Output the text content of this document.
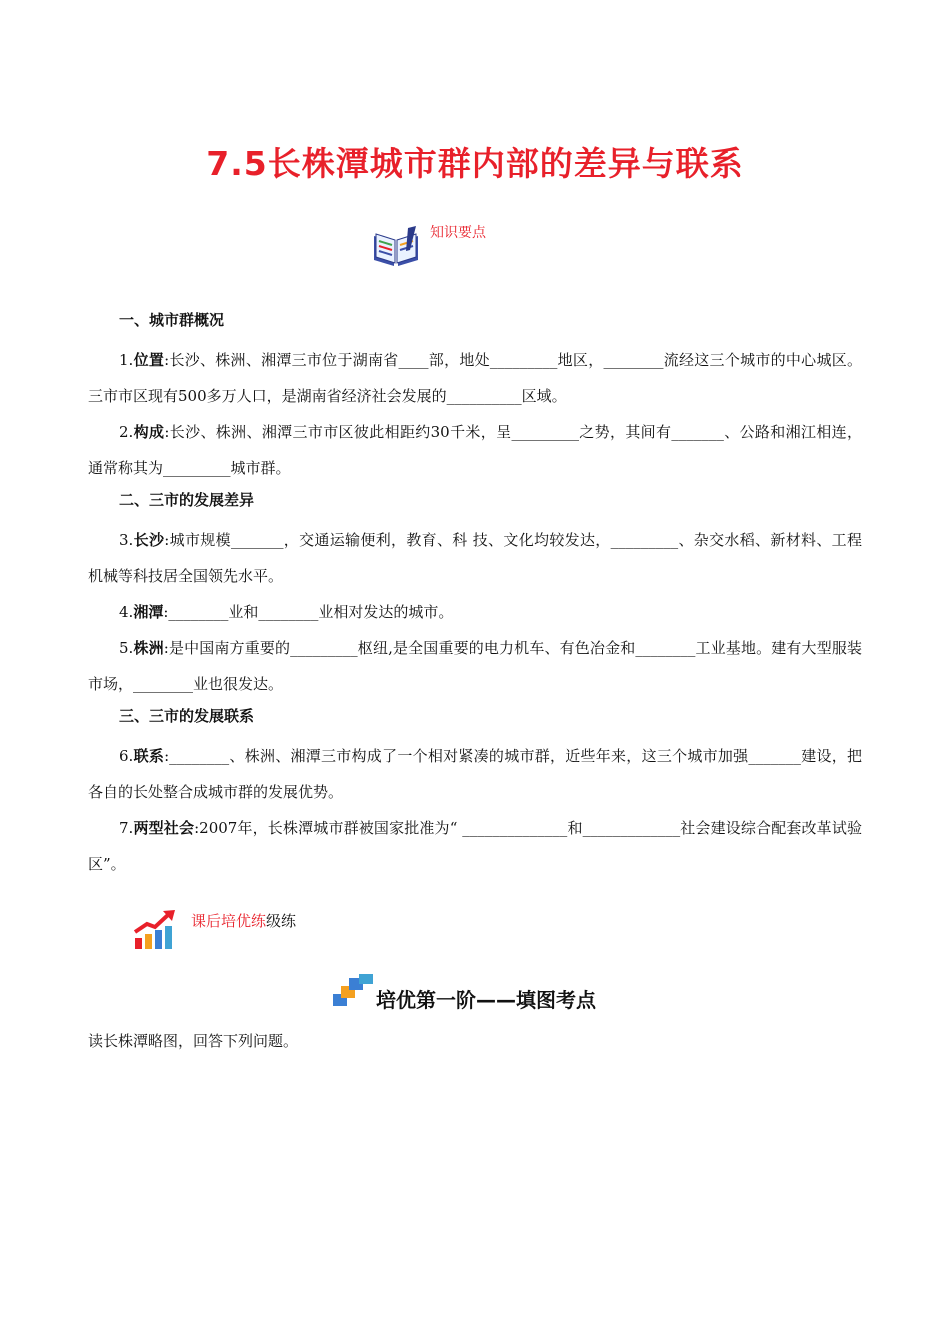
7.5长株潭城市群内部的差异与联系
知识要点
一、城市群概况
1.位置:长沙、株洲、湘潭三市位于湖南省____部，地处_________地区，________流经这三个城市的中心城区。三市市区现有500多万人口，是湖南省经济社会发展的__________区域。
2.构成:长沙、株洲、湘潭三市市区彼此相距约30千米，呈_________之势，其间有_______、公路和湘江相连，通常称其为_________城市群。
二、三市的发展差异
3.长沙:城市规模_______，交通运输便利，教育、科 技、文化均较发达，_________、杂交水稻、新材料、工程机械等科技居全国领先水平。
4.湘潭:________业和________业相对发达的城市。
5.株洲:是中国南方重要的_________枢纽,是全国重要的电力机车、有色冶金和________工业基地。建有大型服装市场，________业也很发达。
三、三市的发展联系
6.联系:________、株洲、湘潭三市构成了一个相对紧凑的城市群，近些年来，这三个城市加强_______建设，把各自的长处整合成城市群的发展优势。
7.两型社会:2007年，长株潭城市群被国家批准为“ ______________和_____________社会建设综合配套改革试验区”。
课后培优练级练
培优第一阶——填图考点
读长株潭略图，回答下列问题。
